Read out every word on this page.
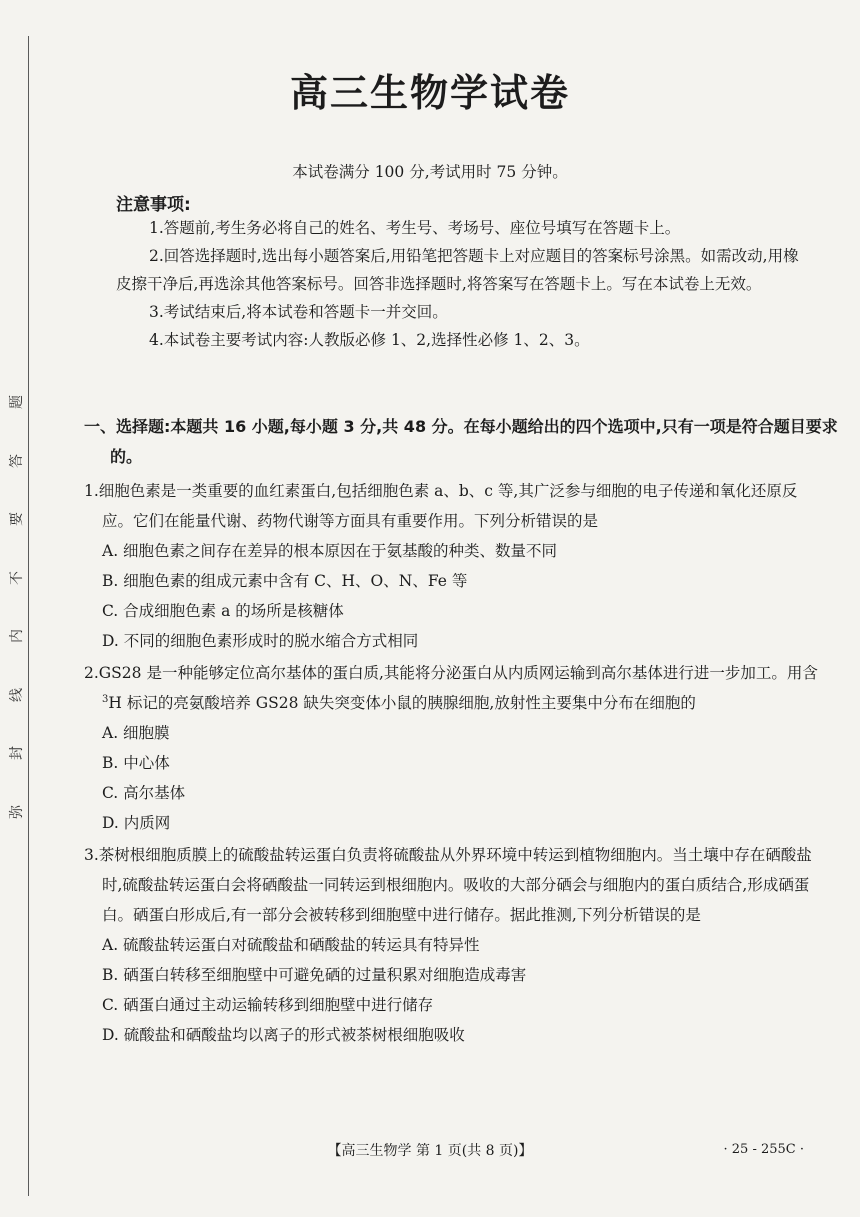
题
答
要
不
内
线
封
弥
高三生物学试卷
本试卷满分 100 分,考试用时 75 分钟。
注意事项:
1.答题前,考生务必将自己的姓名、考生号、考场号、座位号填写在答题卡上。
2.回答选择题时,选出每小题答案后,用铅笔把答题卡上对应题目的答案标号涂黑。如需改动,用橡皮擦干净后,再选涂其他答案标号。回答非选择题时,将答案写在答题卡上。写在本试卷上无效。
3.考试结束后,将本试卷和答题卡一并交回。
4.本试卷主要考试内容:人教版必修 1、2,选择性必修 1、2、3。
一、选择题:本题共 16 小题,每小题 3 分,共 48 分。在每小题给出的四个选项中,只有一项是符合题目要求的。
1.细胞色素是一类重要的血红素蛋白,包括细胞色素 a、b、c 等,其广泛参与细胞的电子传递和氧化还原反应。它们在能量代谢、药物代谢等方面具有重要作用。下列分析错误的是
A. 细胞色素之间存在差异的根本原因在于氨基酸的种类、数量不同
B. 细胞色素的组成元素中含有 C、H、O、N、Fe 等
C. 合成细胞色素 a 的场所是核糖体
D. 不同的细胞色素形成时的脱水缩合方式相同
2.GS28 是一种能够定位高尔基体的蛋白质,其能将分泌蛋白从内质网运输到高尔基体进行进一步加工。用含$^3$H 标记的亮氨酸培养 GS28 缺失突变体小鼠的胰腺细胞,放射性主要集中分布在细胞的
A. 细胞膜
B. 中心体
C. 高尔基体
D. 内质网
3.茶树根细胞质膜上的硫酸盐转运蛋白负责将硫酸盐从外界环境中转运到植物细胞内。当土壤中存在硒酸盐时,硫酸盐转运蛋白会将硒酸盐一同转运到根细胞内。吸收的大部分硒会与细胞内的蛋白质结合,形成硒蛋白。硒蛋白形成后,有一部分会被转移到细胞壁中进行储存。据此推测,下列分析错误的是
A. 硫酸盐转运蛋白对硫酸盐和硒酸盐的转运具有特异性
B. 硒蛋白转移至细胞壁中可避免硒的过量积累对细胞造成毒害
C. 硒蛋白通过主动运输转移到细胞壁中进行储存
D. 硫酸盐和硒酸盐均以离子的形式被茶树根细胞吸收
【高三生物学 第 1 页(共 8 页)】	· 25 - 255C ·
